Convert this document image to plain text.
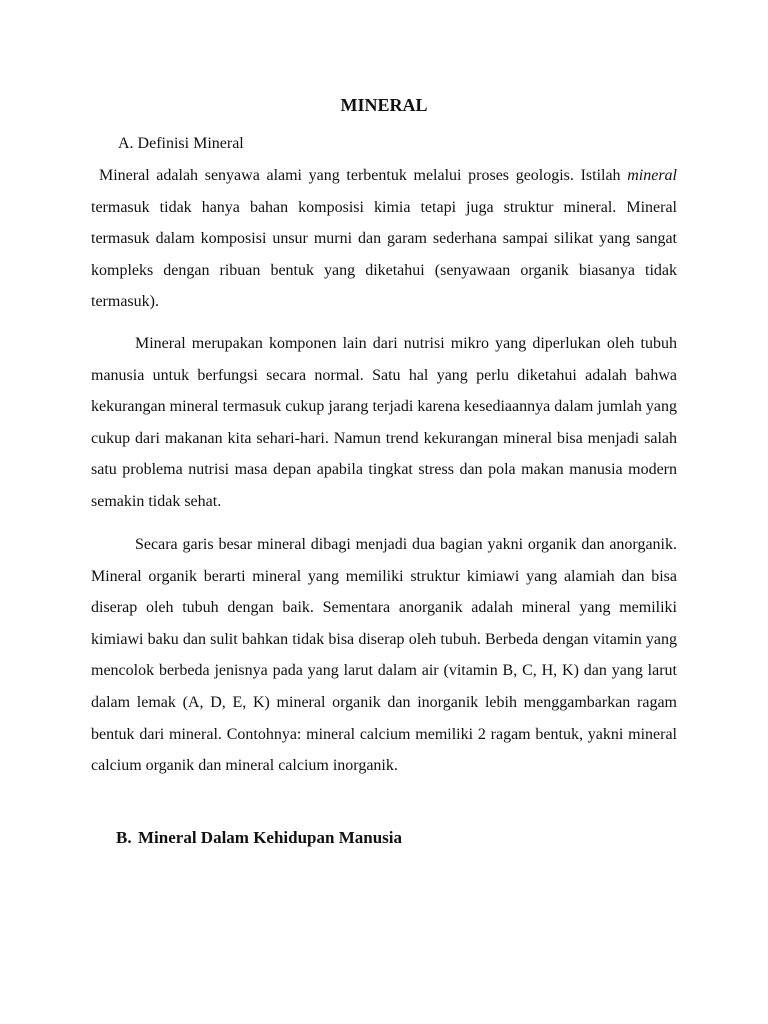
MINERAL
A. Definisi Mineral

Mineral adalah senyawa alami yang terbentuk melalui proses geologis. Istilah mineral termasuk tidak hanya bahan komposisi kimia tetapi juga struktur mineral. Mineral termasuk dalam komposisi unsur murni dan garam sederhana sampai silikat yang sangat kompleks dengan ribuan bentuk yang diketahui (senyawaan organik biasanya tidak termasuk).

Mineral merupakan komponen lain dari nutrisi mikro yang diperlukan oleh tubuh manusia untuk berfungsi secara normal. Satu hal yang perlu diketahui adalah bahwa kekurangan mineral termasuk cukup jarang terjadi karena kesediaannya dalam jumlah yang cukup dari makanan kita sehari-hari. Namun trend kekurangan mineral bisa menjadi salah satu problema nutrisi masa depan apabila tingkat stress dan pola makan manusia modern semakin tidak sehat.

Secara garis besar mineral dibagi menjadi dua bagian yakni organik dan anorganik. Mineral organik berarti mineral yang memiliki struktur kimiawi yang alamiah dan bisa diserap oleh tubuh dengan baik. Sementara anorganik adalah mineral yang memiliki kimiawi baku dan sulit bahkan tidak bisa diserap oleh tubuh. Berbeda dengan vitamin yang mencolok berbeda jenisnya pada yang larut dalam air (vitamin B, C, H, K) dan yang larut dalam lemak (A, D, E, K) mineral organik dan inorganik lebih menggambarkan ragam bentuk dari mineral. Contohnya: mineral calcium memiliki 2 ragam bentuk, yakni mineral calcium organik dan mineral calcium inorganik.

B. Mineral Dalam Kehidupan Manusia
